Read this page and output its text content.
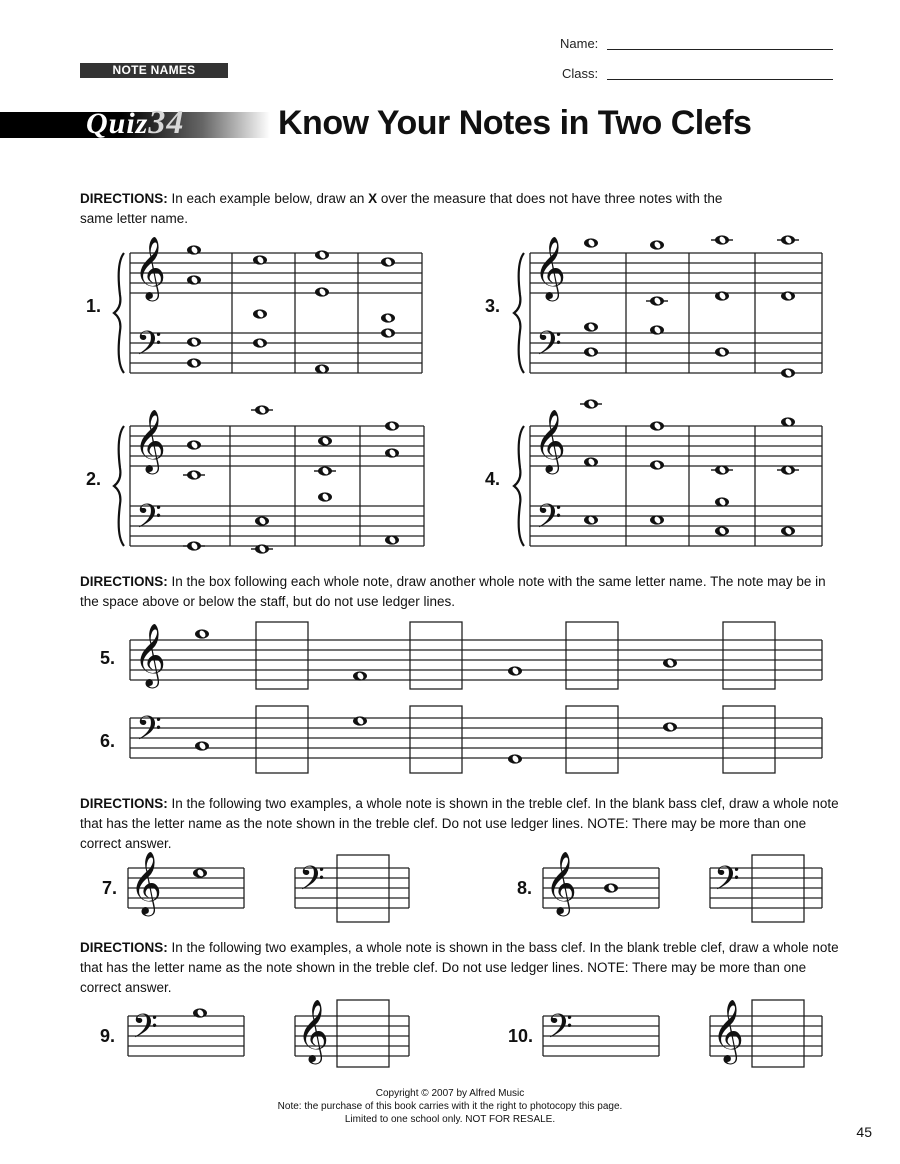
Name:
Class:
NOTE NAMES
Quiz34	Know Your Notes in Two Clefs
DIRECTIONS: In each example below, draw an X over the measure that does not have three notes with the same letter name.
DIRECTIONS: In the box following each whole note, draw another whole note with the same letter name. The note may be in the space above or below the staff, but do not use ledger lines.
DIRECTIONS: In the following two examples, a whole note is shown in the treble clef. In the blank bass clef, draw a whole note that has the letter name as the note shown in the treble clef. Do not use ledger lines. NOTE: There may be more than one correct answer.
DIRECTIONS: In the following two examples, a whole note is shown in the bass clef. In the blank treble clef, draw a whole note that has the letter name as the note shown in the treble clef. Do not use ledger lines. NOTE: There may be more than one correct answer.
1.
2.
3.
4.
5.
6.
7.	8.
9.	10.
𝄞
𝄢
𝄞
𝄢
𝄞
𝄢
𝄞
𝄢
𝄞
𝄢
𝄞	𝄢	𝄞	𝄢
𝄢	𝄞	𝄢	𝄞
Copyright © 2007 by Alfred Music
Note: the purchase of this book carries with it the right to photocopy this page.
Limited to one school only. NOT FOR RESALE.
45
